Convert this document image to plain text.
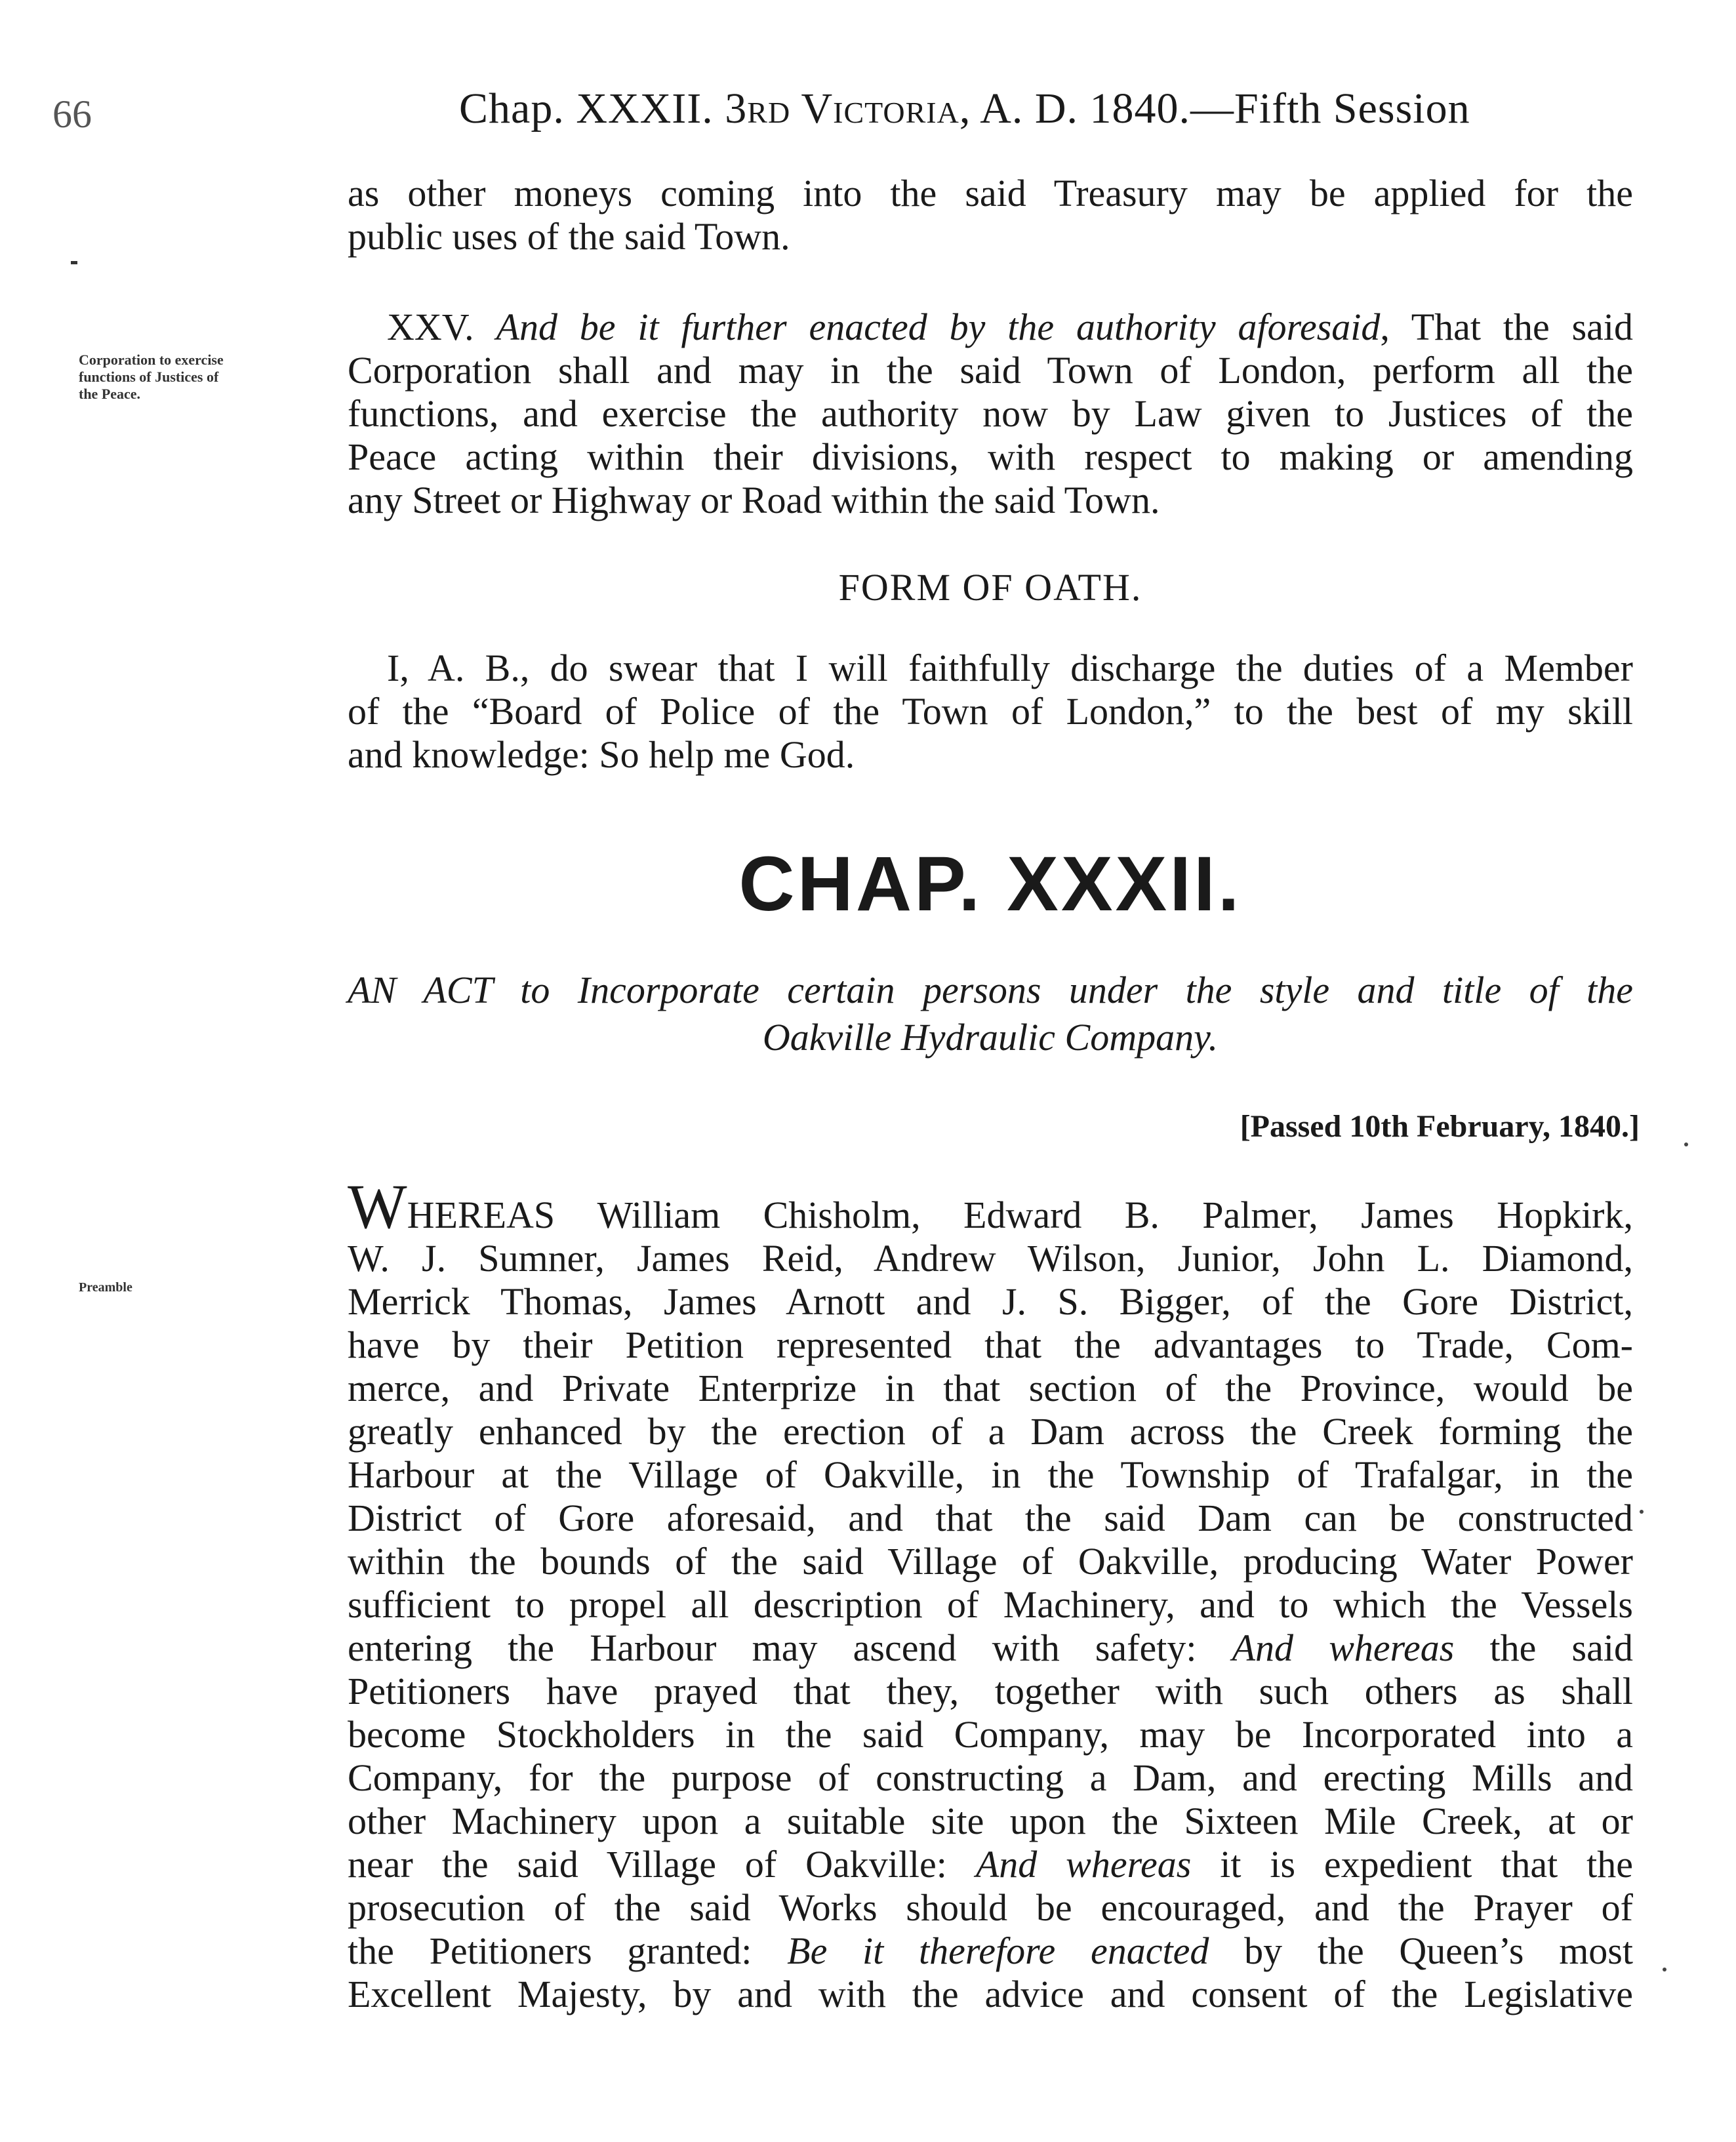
66	Chap. XXXII. 3rd Victoria, A. D. 1840.—Fifth Session
as other moneys coming into the said Treasury may be applied for the
public uses of the said Town.
Corporation to exercise
functions of Justices of
the Peace.
XXV. And be it further enacted by the authority aforesaid, That the said
Corporation shall and may in the said Town of London, perform all the
functions, and exercise the authority now by Law given to Justices of the
Peace acting within their divisions, with respect to making or amending
any Street or Highway or Road within the said Town.
FORM OF OATH.
I, A. B., do swear that I will faithfully discharge the duties of a Member
of the “Board of Police of the Town of London,” to the best of my skill
and knowledge: So help me God.
CHAP. XXXII.
AN ACT to Incorporate certain persons under the style and title of the
Oakville Hydraulic Company.
[Passed 10th February, 1840.]
Preamble
WHEREAS William Chisholm, Edward B. Palmer, James Hopkirk,
W. J. Sumner, James Reid, Andrew Wilson, Junior, John L. Diamond,
Merrick Thomas, James Arnott and J. S. Bigger, of the Gore District,
have by their Petition represented that the advantages to Trade, Com-
merce, and Private Enterprize in that section of the Province, would be
greatly enhanced by the erection of a Dam across the Creek forming the
Harbour at the Village of Oakville, in the Township of Trafalgar, in the
District of Gore aforesaid, and that the said Dam can be constructed
within the bounds of the said Village of Oakville, producing Water Power
sufficient to propel all description of Machinery, and to which the Vessels
entering the Harbour may ascend with safety: And whereas the said
Petitioners have prayed that they, together with such others as shall
become Stockholders in the said Company, may be Incorporated into a
Company, for the purpose of constructing a Dam, and erecting Mills and
other Machinery upon a suitable site upon the Sixteen Mile Creek, at or
near the said Village of Oakville: And whereas it is expedient that the
prosecution of the said Works should be encouraged, and the Prayer of
the Petitioners granted: Be it therefore enacted by the Queen’s most
Excellent Majesty, by and with the advice and consent of the Legislative
